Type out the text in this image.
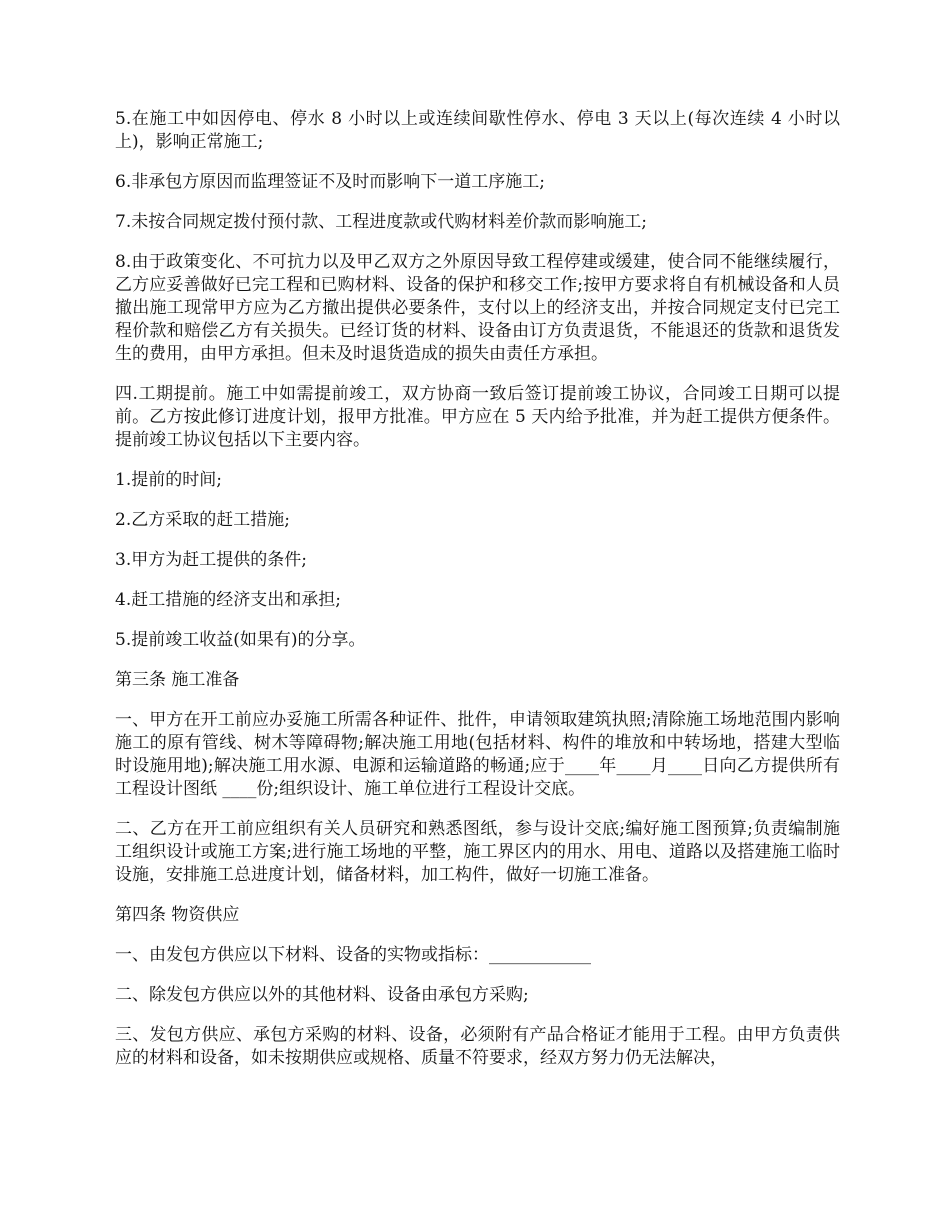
5.在施工中如因停电、停水 8 小时以上或连续间歇性停水、停电 3 天以上(每次连续 4 小时以上)，影响正常施工;

6.非承包方原因而监理签证不及时而影响下一道工序施工;

7.未按合同规定拨付预付款、工程进度款或代购材料差价款而影响施工;

8.由于政策变化、不可抗力以及甲乙双方之外原因导致工程停建或缓建，使合同不能继续履行，乙方应妥善做好已完工程和已购材料、设备的保护和移交工作;按甲方要求将自有机械设备和人员撤出施工现常甲方应为乙方撤出提供必要条件，支付以上的经济支出，并按合同规定支付已完工程价款和赔偿乙方有关损失。已经订货的材料、设备由订方负责退货，不能退还的货款和退货发生的费用，由甲方承担。但未及时退货造成的损失由责任方承担。

四.工期提前。施工中如需提前竣工，双方协商一致后签订提前竣工协议，合同竣工日期可以提前。乙方按此修订进度计划，报甲方批准。甲方应在 5 天内给予批准，并为赶工提供方便条件。提前竣工协议包括以下主要内容。

1.提前的时间;

2.乙方采取的赶工措施;

3.甲方为赶工提供的条件;

4.赶工措施的经济支出和承担;

5.提前竣工收益(如果有)的分享。

第三条 施工准备

一、甲方在开工前应办妥施工所需各种证件、批件，申请领取建筑执照;清除施工场地范围内影响施工的原有管线、树木等障碍物;解决施工用地(包括材料、构件的堆放和中转场地，搭建大型临时设施用地);解决施工用水源、电源和运输道路的畅通;应于____年____月____日向乙方提供所有工程设计图纸 ____份;组织设计、施工单位进行工程设计交底。

二、乙方在开工前应组织有关人员研究和熟悉图纸，参与设计交底;编好施工图预算;负责编制施工组织设计或施工方案;进行施工场地的平整，施工界区内的用水、用电、道路以及搭建施工临时设施，安排施工总进度计划，储备材料，加工构件，做好一切施工准备。

第四条 物资供应

一、由发包方供应以下材料、设备的实物或指标：____________

二、除发包方供应以外的其他材料、设备由承包方采购;

三、发包方供应、承包方采购的材料、设备，必须附有产品合格证才能用于工程。由甲方负责供应的材料和设备，如未按期供应或规格、质量不符要求，经双方努力仍无法解决，
